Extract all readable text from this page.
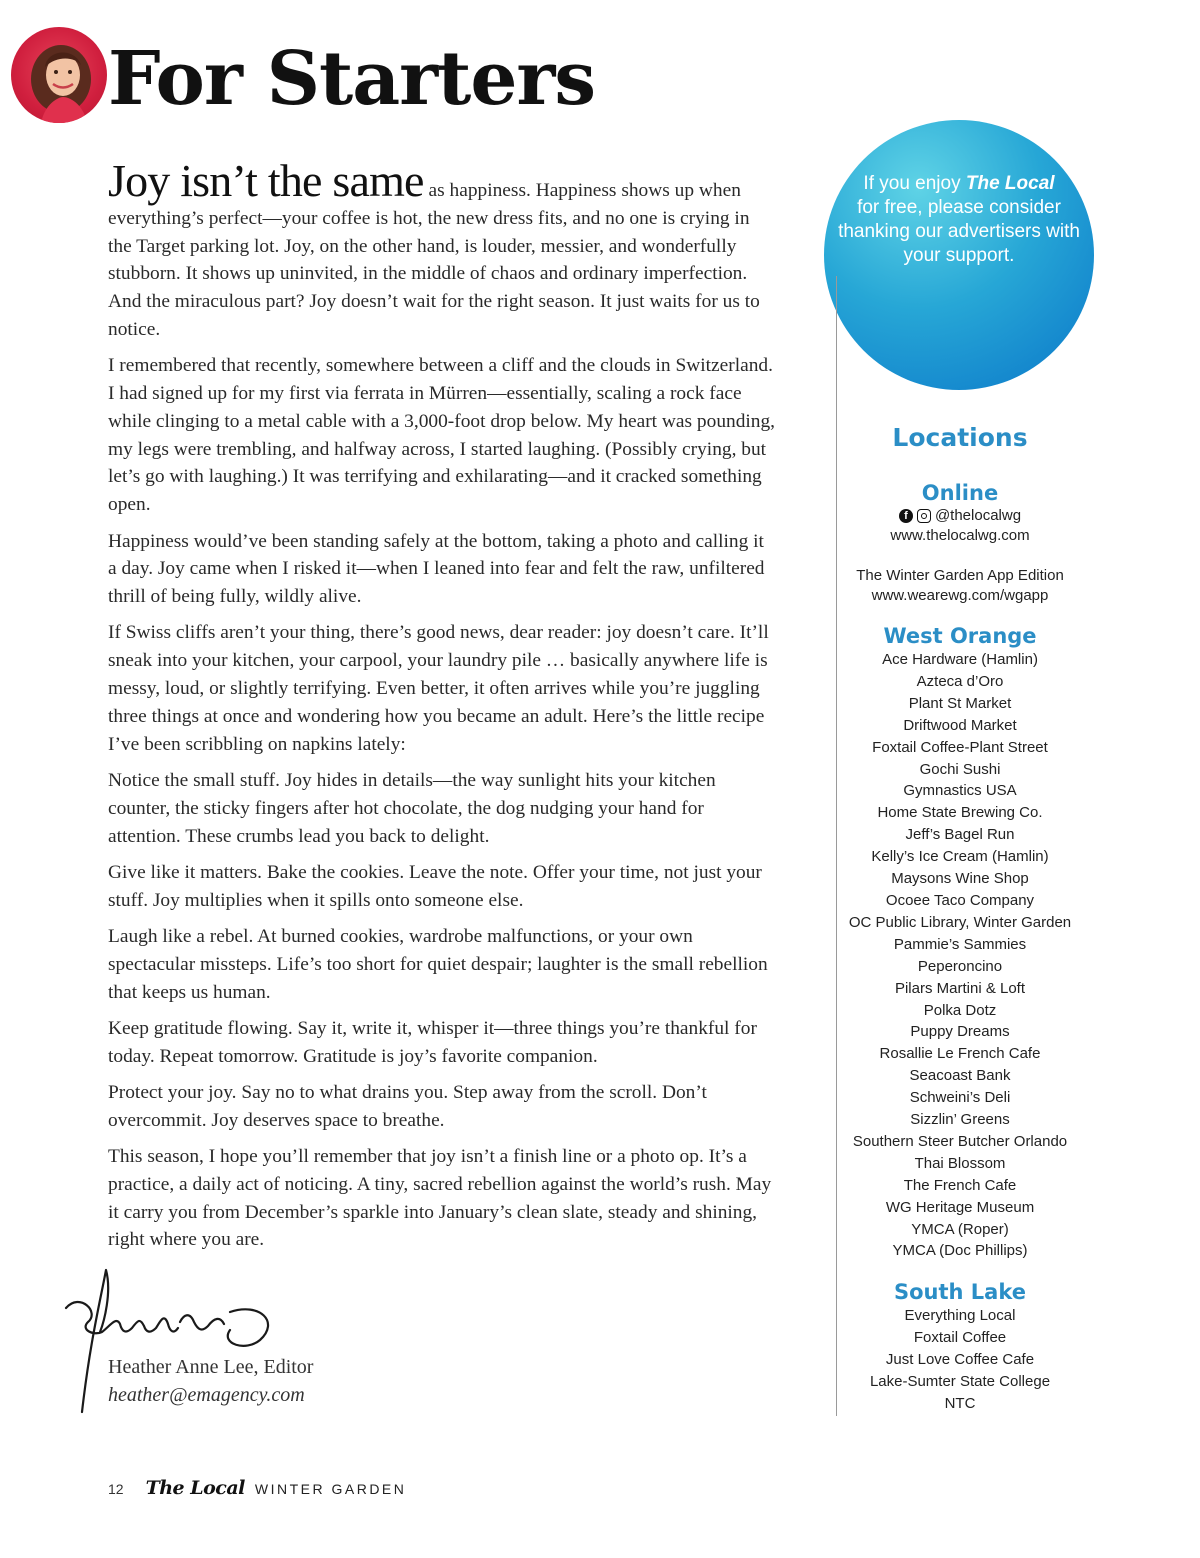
For Starters

Joy isn’t the same as happiness. Happiness shows up when everything’s perfect—your coffee is hot, the new dress fits, and no one is crying in the Target parking lot. Joy, on the other hand, is louder, messier, and wonderfully stubborn. It shows up uninvited, in the middle of chaos and ordinary imperfection. And the miraculous part? Joy doesn’t wait for the right season. It just waits for us to notice.

I remembered that recently, somewhere between a cliff and the clouds in Switzerland. I had signed up for my first via ferrata in Mürren—essentially, scaling a rock face while clinging to a metal cable with a 3,000-foot drop below. My heart was pounding, my legs were trembling, and halfway across, I started laughing. (Possibly crying, but let’s go with laughing.) It was terrifying and exhilarating—and it cracked something open.

Happiness would’ve been standing safely at the bottom, taking a photo and calling it a day. Joy came when I risked it—when I leaned into fear and felt the raw, unfiltered thrill of being fully, wildly alive.

If Swiss cliffs aren’t your thing, there’s good news, dear reader: joy doesn’t care. It’ll sneak into your kitchen, your carpool, your laundry pile … basically anywhere life is messy, loud, or slightly terrifying. Even better, it often arrives while you’re juggling three things at once and wondering how you became an adult. Here’s the little recipe I’ve been scribbling on napkins lately:

Notice the small stuff. Joy hides in details—the way sunlight hits your kitchen counter, the sticky fingers after hot chocolate, the dog nudging your hand for attention. These crumbs lead you back to delight.

Give like it matters. Bake the cookies. Leave the note. Offer your time, not just your stuff. Joy multiplies when it spills onto someone else.

Laugh like a rebel. At burned cookies, wardrobe malfunctions, or your own spectacular missteps. Life’s too short for quiet despair; laughter is the small rebellion that keeps us human.

Keep gratitude flowing. Say it, write it, whisper it—three things you’re thankful for today. Repeat tomorrow. Gratitude is joy’s favorite companion.

Protect your joy. Say no to what drains you. Step away from the scroll. Don’t overcommit. Joy deserves space to breathe.

This season, I hope you’ll remember that joy isn’t a finish line or a photo op. It’s a practice, a daily act of noticing. A tiny, sacred rebellion against the world’s rush. May it carry you from December’s sparkle into January’s clean slate, steady and shining, right where you are.

Heather Anne Lee, Editor
heather@emagency.com
12 The Local WINTER GARDEN
If you enjoy The Local
for free, please consider thanking our advertisers with your support.
Locations
Online
f	@thelocalwg

www.thelocalwg.com

The Winter Garden App Edition

www.wearewg.com/wgapp

West Orange

Ace Hardware (Hamlin)

Azteca d’Oro

Plant St Market

Driftwood Market

Foxtail Coffee-Plant Street

Gochi Sushi

Gymnastics USA

Home State Brewing Co.

Jeff’s Bagel Run

Kelly’s Ice Cream (Hamlin)

Maysons Wine Shop

Ocoee Taco Company

OC Public Library, Winter Garden

Pammie’s Sammies

Peperoncino

Pilars Martini & Loft

Polka Dotz

Puppy Dreams

Rosallie Le French Cafe

Seacoast Bank

Schweini’s Deli

Sizzlin’ Greens

Southern Steer Butcher Orlando

Thai Blossom

The French Cafe

WG Heritage Museum

YMCA (Roper)

YMCA (Doc Phillips)

South Lake

Everything Local

Foxtail Coffee

Just Love Coffee Cafe

Lake-Sumter State College

NTC
